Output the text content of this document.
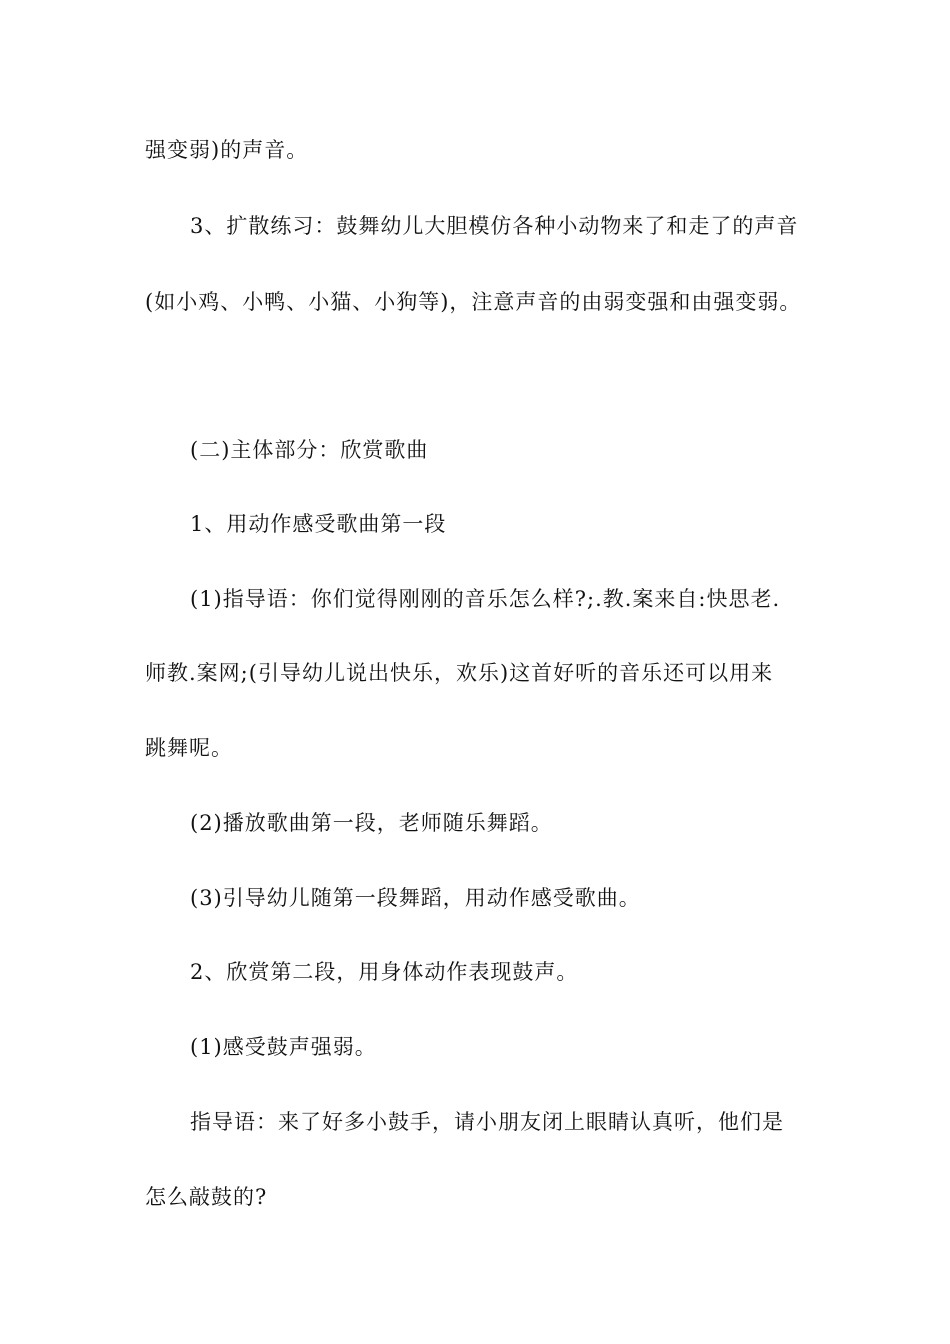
强变弱)的声音。
3、扩散练习：鼓舞幼儿大胆模仿各种小动物来了和走了的声音
(如小鸡、小鸭、小猫、小狗等)，注意声音的由弱变强和由强变弱。
(二)主体部分：欣赏歌曲
1、用动作感受歌曲第一段
(1)指导语：你们觉得刚刚的音乐怎么样?;.教.案来自:快思老.
师教.案网;(引导幼儿说出快乐，欢乐)这首好听的音乐还可以用来
跳舞呢。
(2)播放歌曲第一段，老师随乐舞蹈。
(3)引导幼儿随第一段舞蹈，用动作感受歌曲。
2、欣赏第二段，用身体动作表现鼓声。
(1)感受鼓声强弱。
指导语：来了好多小鼓手，请小朋友闭上眼睛认真听，他们是
怎么敲鼓的?
